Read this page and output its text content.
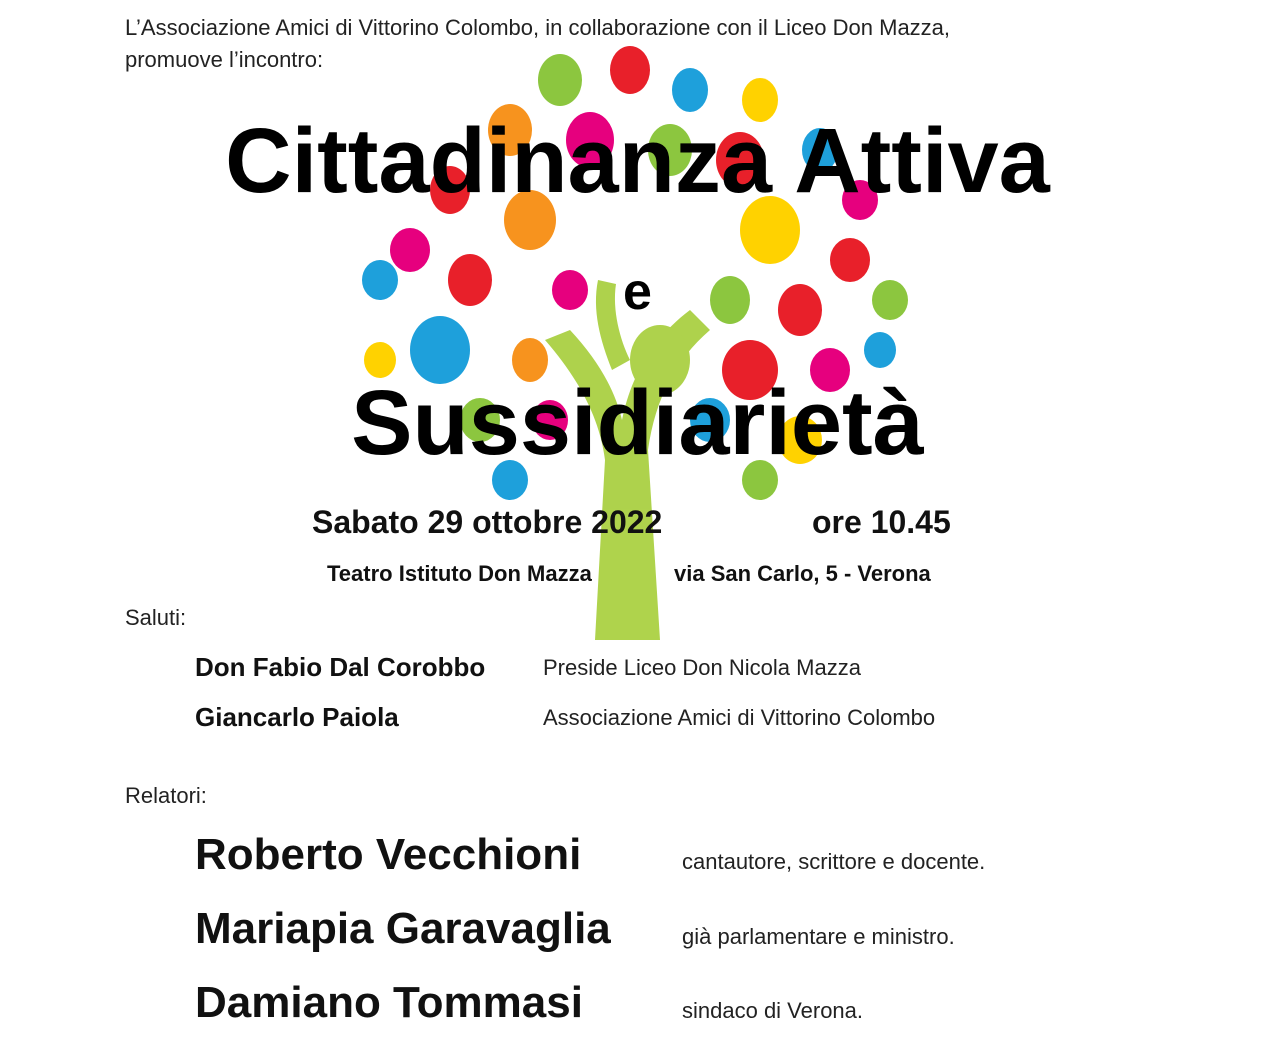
L’Associazione Amici di Vittorino Colombo, in collaborazione con il Liceo Don Mazza,
promuove l’incontro:
Cittadinanza Attiva
e
Sussidiarietà
Sabato 29 ottobre 2022	ore 10.45
Teatro Istituto Don Mazza	via San Carlo, 5 - Verona
Saluti:
Don Fabio Dal Corobbo	Preside Liceo Don Nicola Mazza
Giancarlo Paiola	Associazione Amici di Vittorino Colombo
Relatori:
Roberto Vecchioni	cantautore, scrittore e docente.
Mariapia Garavaglia	già parlamentare e ministro.
Damiano Tommasi	sindaco di Verona.
